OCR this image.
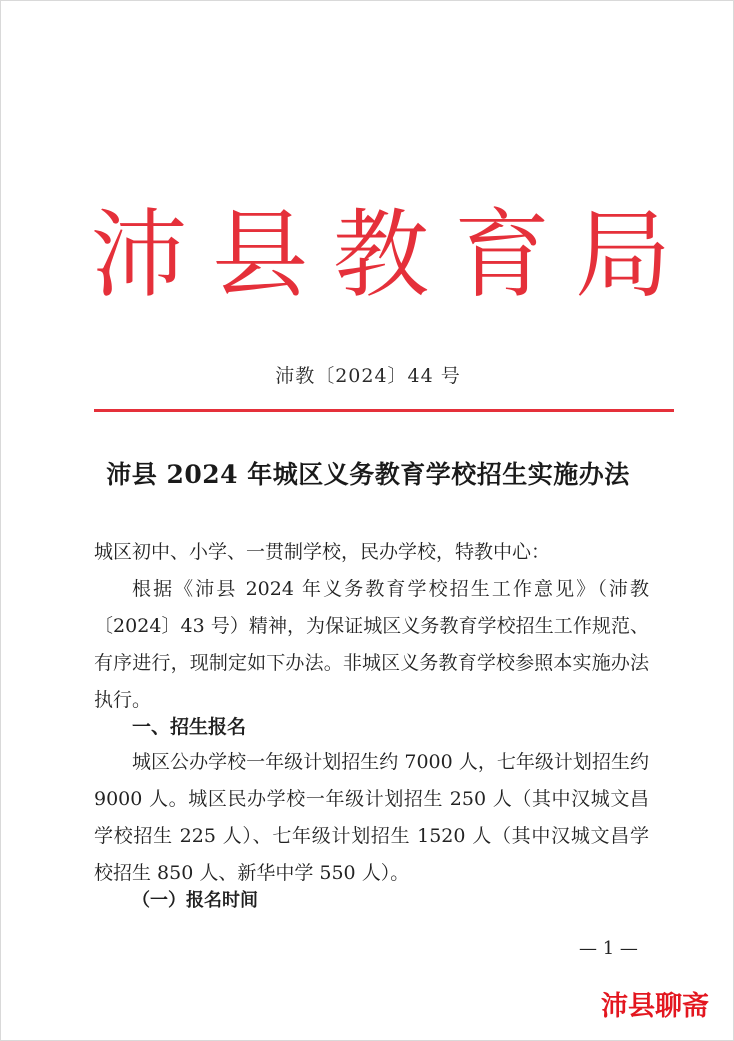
沛 县 教 育 局
沛教〔2024〕44 号
沛县 2024 年城区义务教育学校招生实施办法
城区初中、小学、一贯制学校，民办学校，特教中心：
根据《沛县 2024 年义务教育学校招生工作意见》（沛教〔2024〕43 号）精神，为保证城区义务教育学校招生工作规范、有序进行，现制定如下办法。非城区义务教育学校参照本实施办法执行。
一、招生报名
城区公办学校一年级计划招生约 7000 人，七年级计划招生约 9000 人。城区民办学校一年级计划招生 250 人（其中汉城文昌学校招生 225 人）、七年级计划招生 1520 人（其中汉城文昌学校招生 850 人、新华中学 550 人）。
（一）报名时间
— 1 —
沛县聊斋
